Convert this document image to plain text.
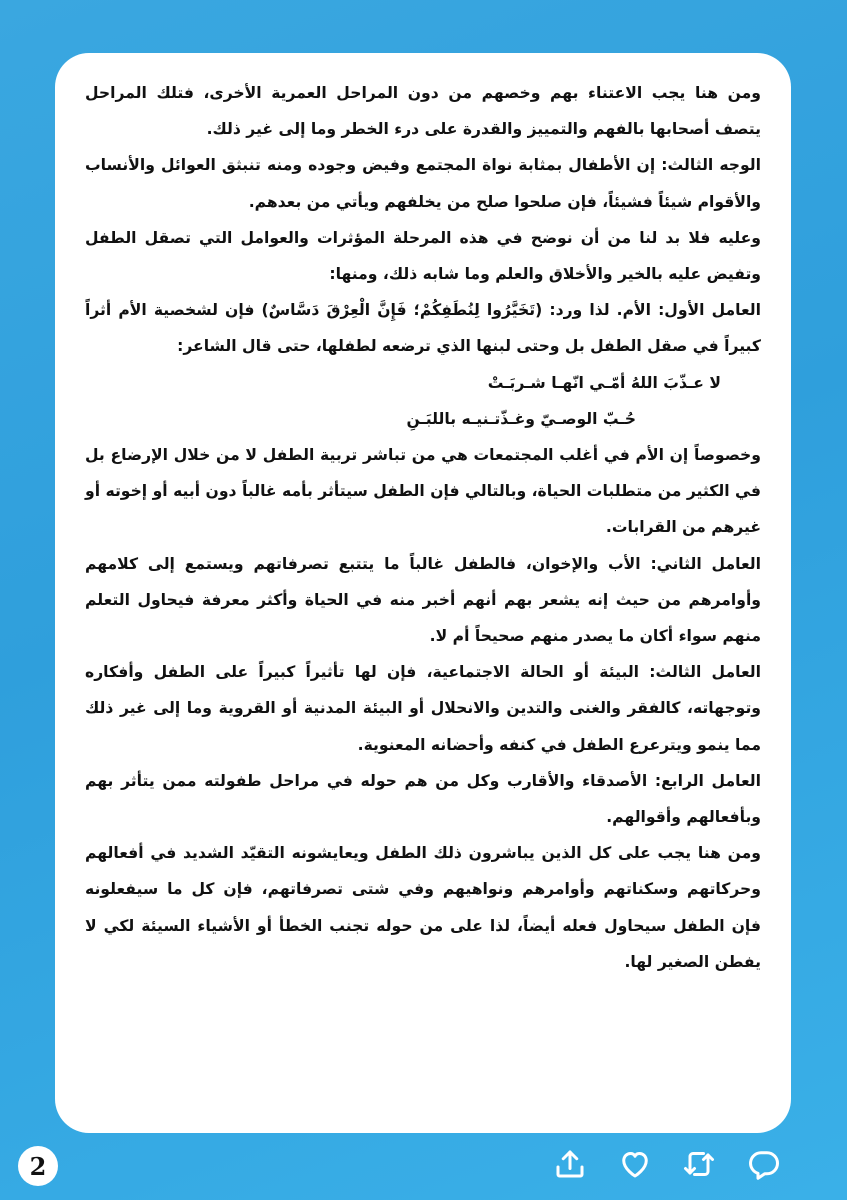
ومن هنا يجب الاعتناء بهم وخصهم من دون المراحل العمرية الأخرى، فتلك المراحل يتصف أصحابها بالفهم والتمييز والقدرة على درء الخطر وما إلى غير ذلك.

الوجه الثالث: إن الأطفال بمثابة نواة المجتمع وفيض وجوده ومنه تنبثق العوائل والأنساب والأقوام شيئاً فشيئاً، فإن صلحوا صلح من يخلفهم ويأتي من بعدهم.

وعليه فلا بد لنا من أن نوضح في هذه المرحلة المؤثرات والعوامل التي تصقل الطفل وتفيض عليه بالخير والأخلاق والعلم وما شابه ذلك، ومنها:

العامل الأول: الأم. لذا ورد: (تَخَيَّرُوا لِنُطَفِكُمْ؛ فَإِنَّ الْعِرْقَ دَسَّاسٌ) فإن لشخصية الأم أثراً كبيراً في صقل الطفل بل وحتى لبنها الذي ترضعه لطفلها، حتى قال الشاعر:

لا عـذّبَ اللهُ أمّـي انّهـا شـربَـتْ

حُـبّ الوصـيّ وغـذّتـنيـه باللبَـنِ

وخصوصاً إن الأم في أغلب المجتمعات هي من تباشر تربية الطفل لا من خلال الإرضاع بل في الكثير من متطلبات الحياة، وبالتالي فإن الطفل سيتأثر بأمه غالباً دون أبيه أو إخوته أو غيرهم من القرابات.

العامل الثاني: الأب والإخوان، فالطفل غالباً ما يتتبع تصرفاتهم ويستمع إلى كلامهم وأوامرهم من حيث إنه يشعر بهم أنهم أخبر منه في الحياة وأكثر معرفة فيحاول التعلم منهم سواء أكان ما يصدر منهم صحيحاً أم لا.

العامل الثالث: البيئة أو الحالة الاجتماعية، فإن لها تأثيراً كبيراً على الطفل وأفكاره وتوجهاته، كالفقر والغنى والتدين والانحلال أو البيئة المدنية أو القروية وما إلى غير ذلك مما ينمو ويترعرع الطفل في كنفه وأحضانه المعنوية.

العامل الرابع: الأصدقاء والأقارب وكل من هم حوله في مراحل طفولته ممن يتأثر بهم وبأفعالهم وأقوالهم.

ومن هنا يجب على كل الذين يباشرون ذلك الطفل ويعايشونه التقيّد الشديد في أفعالهم وحركاتهم وسكناتهم وأوامرهم ونواهيهم وفي شتى تصرفاتهم، فإن كل ما سيفعلونه فإن الطفل سيحاول فعله أيضاً، لذا على من حوله تجنب الخطأ أو الأشياء السيئة لكي لا يفطن الصغير لها.

2
